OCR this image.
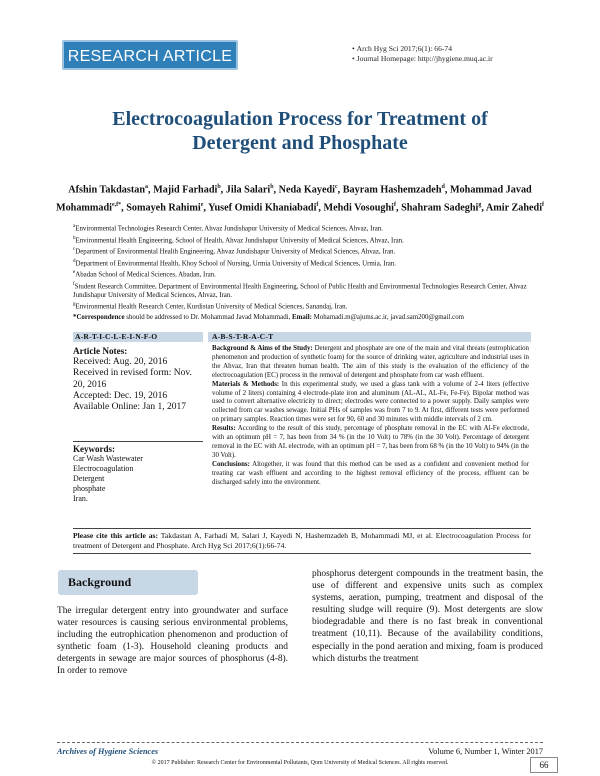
RESEARCH ARTICLE
•	Arch Hyg Sci 2017;6(1): 66-74
• Journal Homepage: http://jhygiene.muq.ac.ir
Electrocoagulation Process for Treatment of
Detergent and Phosphate
Afshin Takdastan$^a$, Majid Farhadi$^b$, Jila Salari$^b$, Neda Kayedi$^c$, Bayram Hashemzadeh$^d$, Mohammad Javad Mohammadi$^{e,f*}$, Somayeh Rahimi$^e$, Yusef Omidi Khaniabadi$^f$, Mehdi Vosoughi$^f$, Shahram Sadeghi$^g$, Amir Zahedi$^f$
$^a$Environmental Technologies Research Center, Ahvaz Jundishapur University of Medical Sciences, Ahvaz, Iran.
$^b$Environmental Health Engineering, School of Health, Ahvaz Jundishapur University of Medical Sciences, Ahvaz, Iran.
$^c$Department of Environmental Health Engineering, Ahvaz Jundishapur University of Medical Sciences, Ahvaz, Iran.
$^d$Department of Environmental Health, Khoy School of Nursing, Urmia University of Medical Sciences, Urmia, Iran.
$^e$Abadan School of Medical Sciences, Abadan, Iran.
$^f$Student Research Committee, Department of Environmental Health Engineering, School of Public Health and Environmental Technologies Research Center, Ahvaz Jundishapur University of Medical Sciences, Ahvaz, Iran.
$^g$Environmental Health Research Center, Kurdistan University of Medical Sciences, Sanandaj, Iran.
*Correspondence should be addressed to Dr. Mohammad Javad Mohammadi, Email: Mohamadi.m@ajums.ac.ir, javad.sam200@gmail.com
A-R-T-I-C-L-E-I-N-F-O	A-B-S-T-R-A-C-T
Article Notes:
Received: Aug. 20, 2016
Received in revised form: Nov. 20, 2016
Accepted: Dec. 19, 2016
Available Online: Jan 1, 2017
Keywords:
Car Wash Wastewater
Electrocoagulation
Detergent
phosphate
Iran.
Background & Aims of the Study: Detergent and phosphate are one of the main and vital threats (eutrophication phenomenon and production of synthetic foam) for the source of drinking water, agriculture and industrial uses in the Ahvaz, Iran that threaten human health. The aim of this study is the evaluation of the efficiency of the electrocoagulation (EC) process in the removal of detergent and phosphate from car wash effluent.
Materials & Methods: In this experimental study, we used a glass tank with a volume of 2-4 liters (effective volume of 2 liters) containing 4 electrode-plate iron and aluminum (AL-AL, AL-Fe, Fe-Fe). Bipolar method was used to convert alternative electricity to direct; electrodes were connected to a power supply. Daily samples were collected from car washes sewage. Initial PHs of samples was from 7 to 9. At first, different tests were performed on primary samples. Reaction times were set for 90, 60 and 30 minutes with middle intervals of 2 cm.
Results: According to the result of this study, percentage of phosphate removal in the EC with Al-Fe electrode, with an optimum pH = 7, has been from 34 % (in the 10 Volt) to 78% (in the 30 Volt). Percentage of detergent removal in the EC with AL electrode, with an optimum pH = 7, has been from 68 % (in the 10 Volt) to 94% (in the 30 Volt).
Conclusions: Altogether, it was found that this method can be used as a confident and convenient method for treating car wash effluent and according to the highest removal efficiency of the process, effluent can be discharged safely into the environment.
Please cite this article as: Takdastan A, Farhadi M, Salari J, Kayedi N, Hashemzadeh B, Mohammadi MJ, et al. Electrocoagulation Process for treatment of Detergent and Phosphate. Arch Hyg Sci 2017;6(1):66-74.
Background
The irregular detergent entry into groundwater and surface water resources is causing serious environmental problems, including the eutrophication phenomenon and production of synthetic foam (1-3). Household cleaning products and detergents in sewage are major sources of phosphorus (4-8). In order to remove
phosphorus detergent compounds in the treatment basin, the use of different and expensive units such as complex systems, aeration, pumping, treatment and disposal of the resulting sludge will require (9). Most detergents are slow biodegradable and there is no fast break in conventional treatment (10,11). Because of the availability conditions, especially in the pond aeration and mixing, foam is produced which disturbs the treatment
Archives of Hygiene Sciences	Volume 6, Number 1, Winter 2017
© 2017 Publisher: Research Center for Environmental Pollutants, Qom University of Medical Sciences. All rights reserved.	66
